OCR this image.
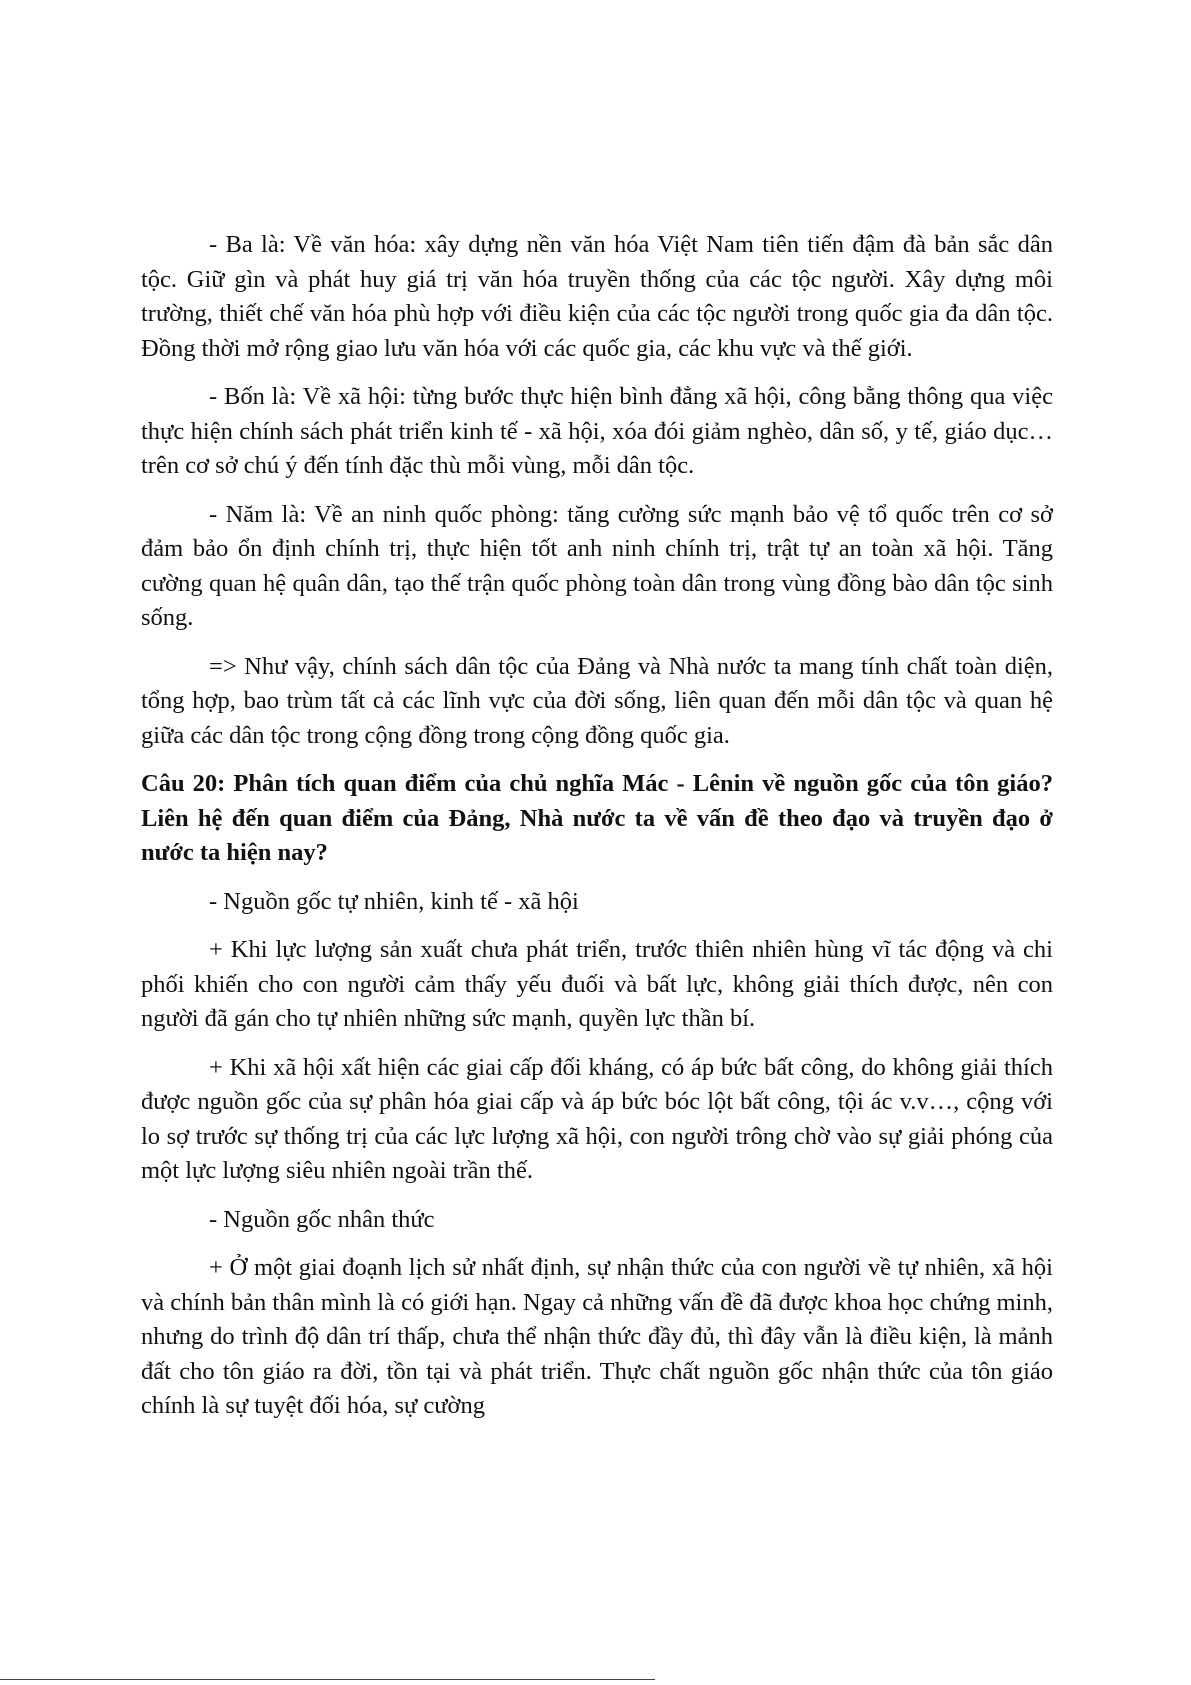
- Ba là: Về văn hóa: xây dựng nền văn hóa Việt Nam tiên tiến đậm đà bản sắc dân tộc. Giữ gìn và phát huy giá trị văn hóa truyền thống của các tộc người. Xây dựng môi trường, thiết chế văn hóa phù hợp với điều kiện của các tộc người trong quốc gia đa dân tộc. Đồng thời mở rộng giao lưu văn hóa với các quốc gia, các khu vực và thế giới.

- Bốn là: Về xã hội: từng bước thực hiện bình đẳng xã hội, công bằng thông qua việc thực hiện chính sách phát triển kinh tế - xã hội, xóa đói giảm nghèo, dân số, y tế, giáo dục… trên cơ sở chú ý đến tính đặc thù mỗi vùng, mỗi dân tộc.

- Năm là: Về an ninh quốc phòng: tăng cường sức mạnh bảo vệ tổ quốc trên cơ sở đảm bảo ổn định chính trị, thực hiện tốt anh ninh chính trị, trật tự an toàn xã hội. Tăng cường quan hệ quân dân, tạo thế trận quốc phòng toàn dân trong vùng đồng bào dân tộc sinh sống.

=> Như vậy, chính sách dân tộc của Đảng và Nhà nước ta mang tính chất toàn diện, tổng hợp, bao trùm tất cả các lĩnh vực của đời sống, liên quan đến mỗi dân tộc và quan hệ giữa các dân tộc trong cộng đồng trong cộng đồng quốc gia.

Câu 20: Phân tích quan điểm của chủ nghĩa Mác - Lênin về nguồn gốc của tôn giáo? Liên hệ đến quan điểm của Đảng, Nhà nước ta về vấn đề theo đạo và truyền đạo ở nước ta hiện nay?

- Nguồn gốc tự nhiên, kinh tế - xã hội

+ Khi lực lượng sản xuất chưa phát triển, trước thiên nhiên hùng vĩ tác động và chi phối khiến cho con người cảm thấy yếu đuối và bất lực, không giải thích được, nên con người đã gán cho tự nhiên những sức mạnh, quyền lực thần bí.

+ Khi xã hội xất hiện các giai cấp đối kháng, có áp bức bất công, do không giải thích được nguồn gốc của sự phân hóa giai cấp và áp bức bóc lột bất công, tội ác v.v…, cộng với lo sợ trước sự thống trị của các lực lượng xã hội, con người trông chờ vào sự giải phóng của một lực lượng siêu nhiên ngoài trần thế.

- Nguồn gốc nhân thức

+ Ở một giai đoạnh lịch sử nhất định, sự nhận thức của con người về tự nhiên, xã hội và chính bản thân mình là có giới hạn. Ngay cả những vấn đề đã được khoa học chứng minh, nhưng do trình độ dân trí thấp, chưa thể nhận thức đầy đủ, thì đây vẫn là điều kiện, là mảnh đất cho tôn giáo ra đời, tồn tại và phát triển. Thực chất nguồn gốc nhận thức của tôn giáo chính là sự tuyệt đối hóa, sự cường
